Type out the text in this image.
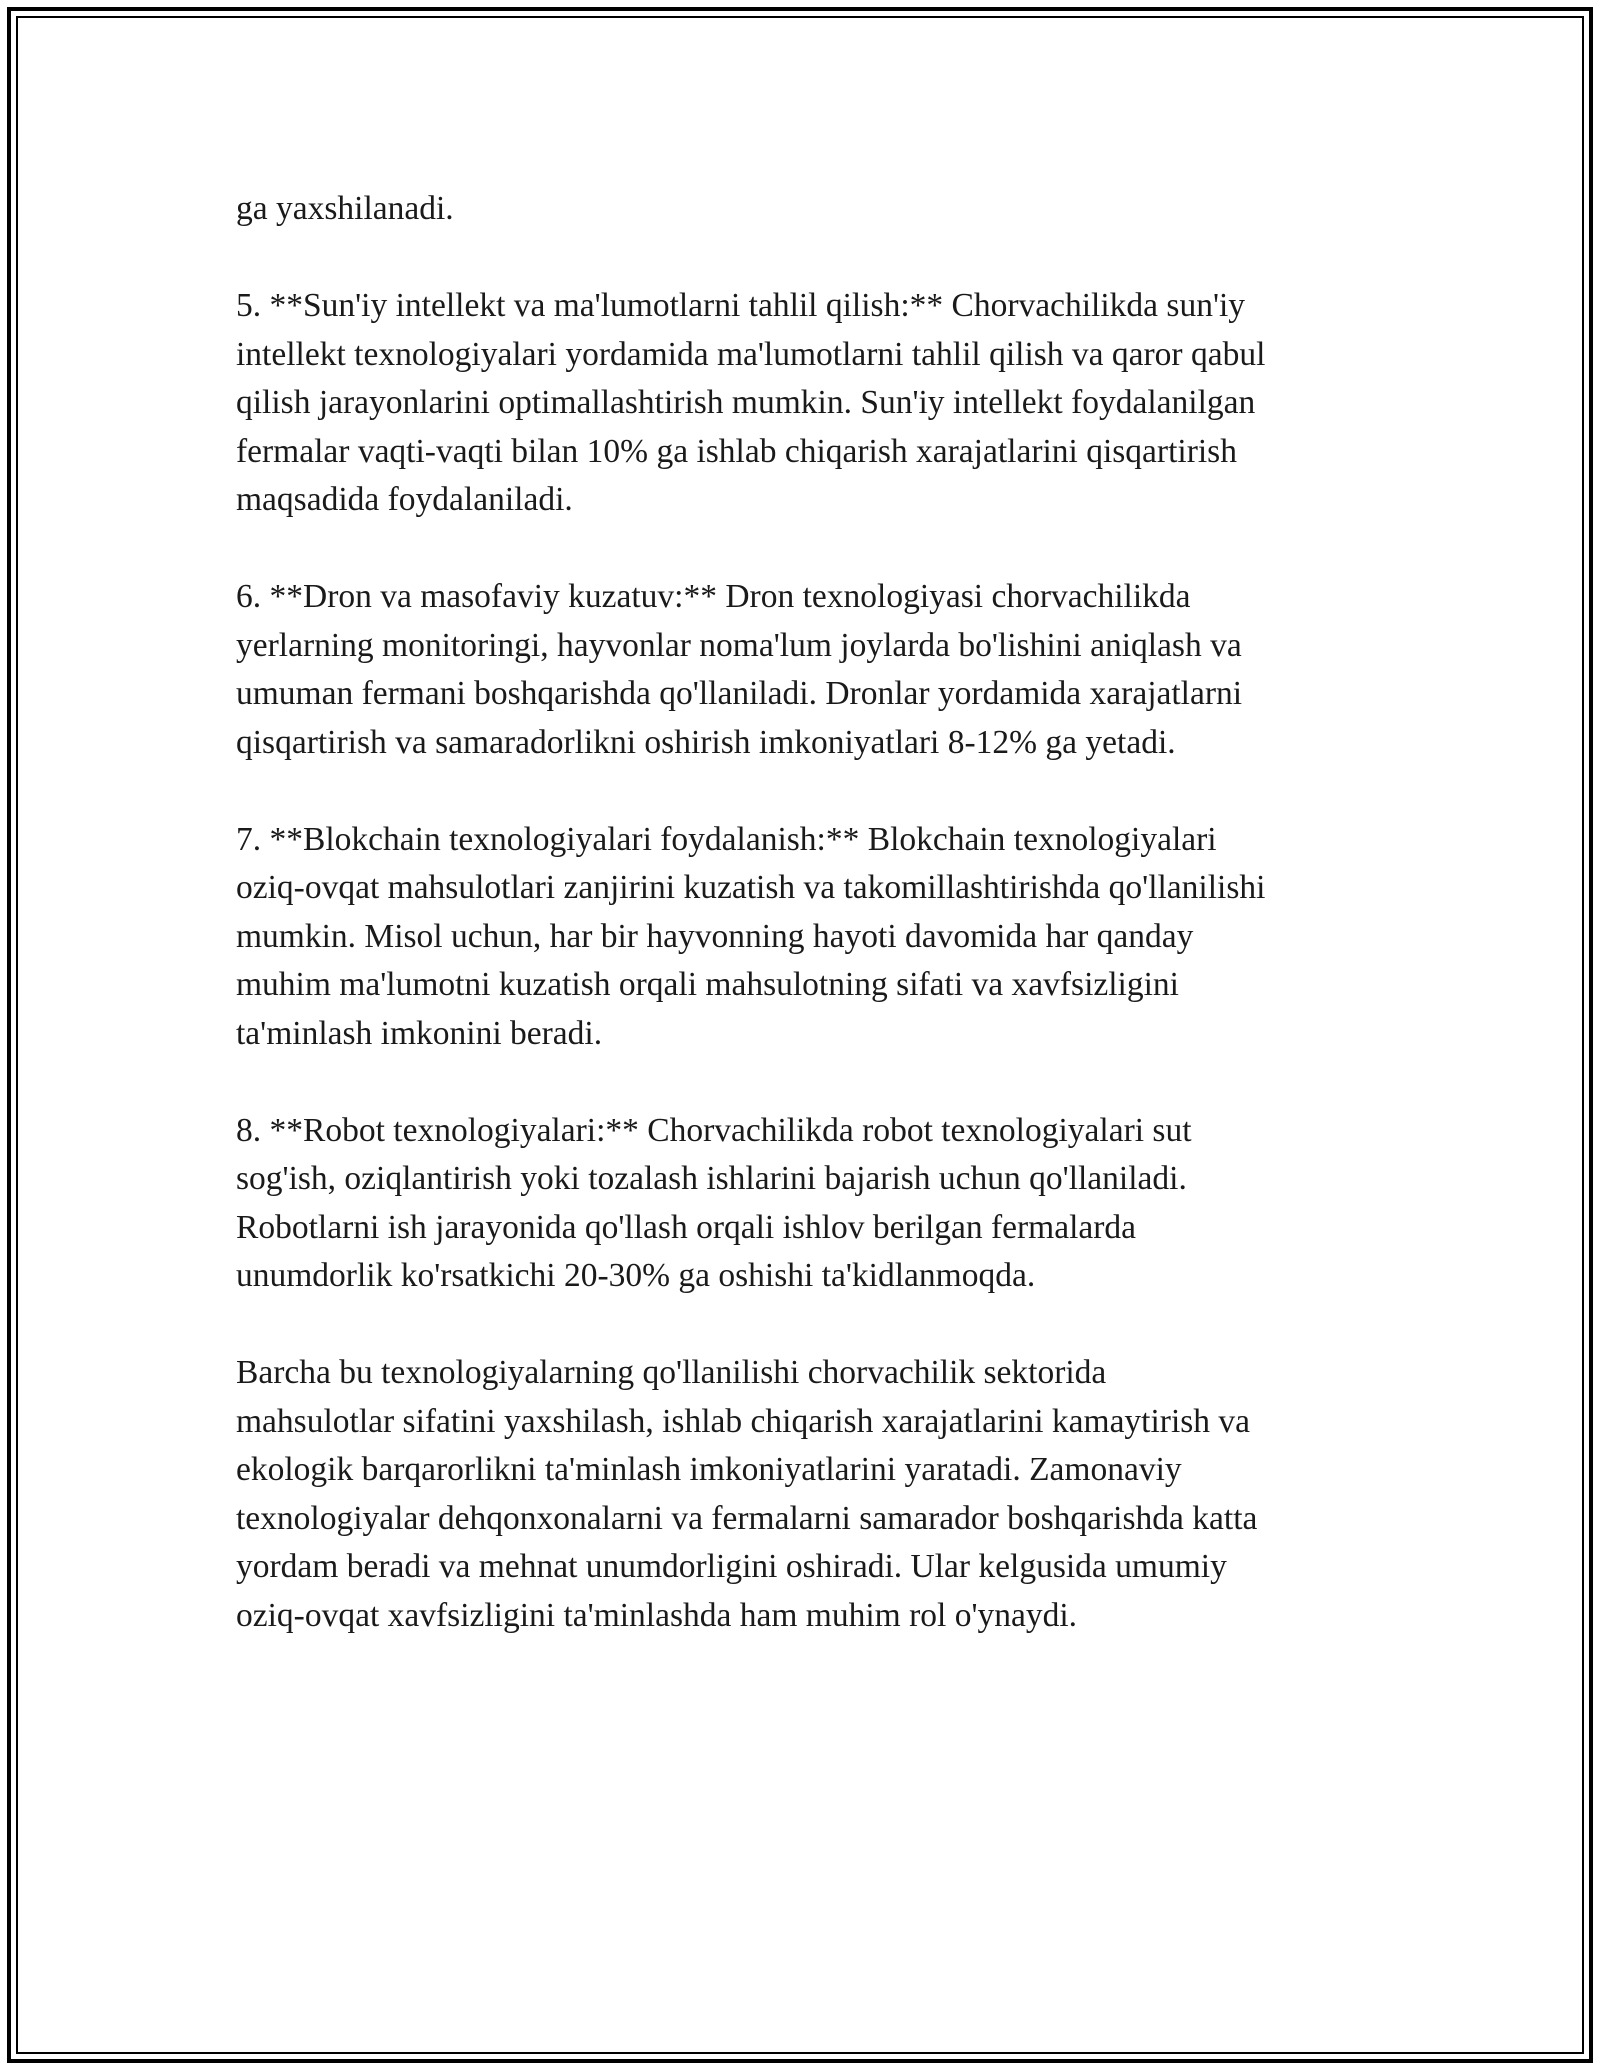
ga yaxshilanadi.

5. **Sun'iy intellekt va ma'lumotlarni tahlil qilish:** Chorvachilikda sun'iy
intellekt texnologiyalari yordamida ma'lumotlarni tahlil qilish va qaror qabul
qilish jarayonlarini optimallashtirish mumkin. Sun'iy intellekt foydalanilgan
fermalar vaqti-vaqti bilan 10% ga ishlab chiqarish xarajatlarini qisqartirish
maqsadida foydalaniladi.

6. **Dron va masofaviy kuzatuv:** Dron texnologiyasi chorvachilikda
yerlarning monitoringi, hayvonlar noma'lum joylarda bo'lishini aniqlash va
umuman fermani boshqarishda qo'llaniladi. Dronlar yordamida xarajatlarni
qisqartirish va samaradorlikni oshirish imkoniyatlari 8-12% ga yetadi.

7. **Blokchain texnologiyalari foydalanish:** Blokchain texnologiyalari
oziq-ovqat mahsulotlari zanjirini kuzatish va takomillashtirishda qo'llanilishi
mumkin. Misol uchun, har bir hayvonning hayoti davomida har qanday
muhim ma'lumotni kuzatish orqali mahsulotning sifati va xavfsizligini
ta'minlash imkonini beradi.

8. **Robot texnologiyalari:** Chorvachilikda robot texnologiyalari sut
sog'ish, oziqlantirish yoki tozalash ishlarini bajarish uchun qo'llaniladi.
Robotlarni ish jarayonida qo'llash orqali ishlov berilgan fermalarda
unumdorlik ko'rsatkichi 20-30% ga oshishi ta'kidlanmoqda.

Barcha bu texnologiyalarning qo'llanilishi chorvachilik sektorida
mahsulotlar sifatini yaxshilash, ishlab chiqarish xarajatlarini kamaytirish va
ekologik barqarorlikni ta'minlash imkoniyatlarini yaratadi. Zamonaviy
texnologiyalar dehqonxonalarni va fermalarni samarador boshqarishda katta
yordam beradi va mehnat unumdorligini oshiradi. Ular kelgusida umumiy
oziq-ovqat xavfsizligini ta'minlashda ham muhim rol o'ynaydi.
